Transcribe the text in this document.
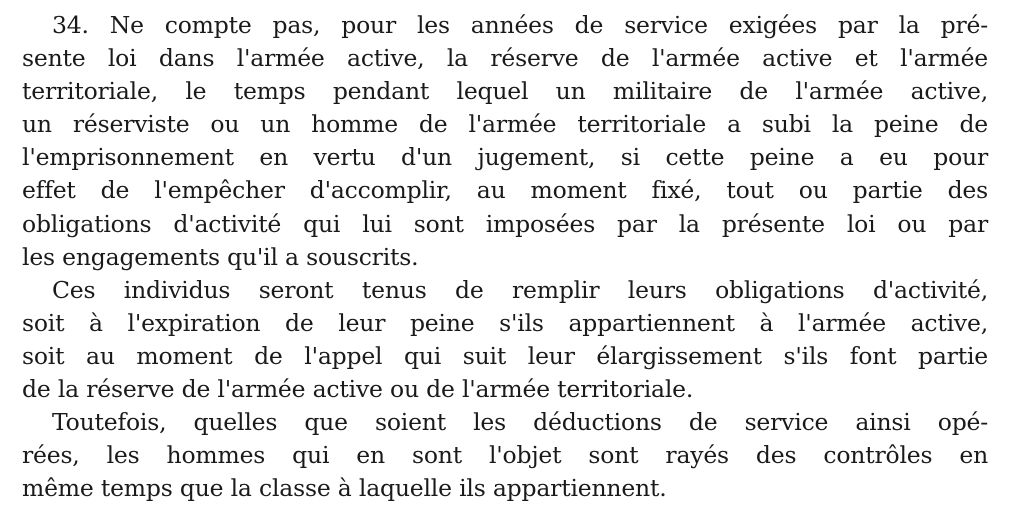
34. Ne compte pas, pour les années de service exigées par la pré-
sente loi dans l'armée active, la réserve de l'armée active et l'armée
territoriale, le temps pendant lequel un militaire de l'armée active,
un réserviste ou un homme de l'armée territoriale a subi la peine de
l'emprisonnement en vertu d'un jugement, si cette peine a eu pour
effet de l'empêcher d'accomplir, au moment fixé, tout ou partie des
obligations d'activité qui lui sont imposées par la présente loi ou par
les engagements qu'il a souscrits.
Ces individus seront tenus de remplir leurs obligations d'activité,
soit à l'expiration de leur peine s'ils appartiennent à l'armée active,
soit au moment de l'appel qui suit leur élargissement s'ils font partie
de la réserve de l'armée active ou de l'armée territoriale.
Toutefois, quelles que soient les déductions de service ainsi opé-
rées, les hommes qui en sont l'objet sont rayés des contrôles en
même temps que la classe à laquelle ils appartiennent.
